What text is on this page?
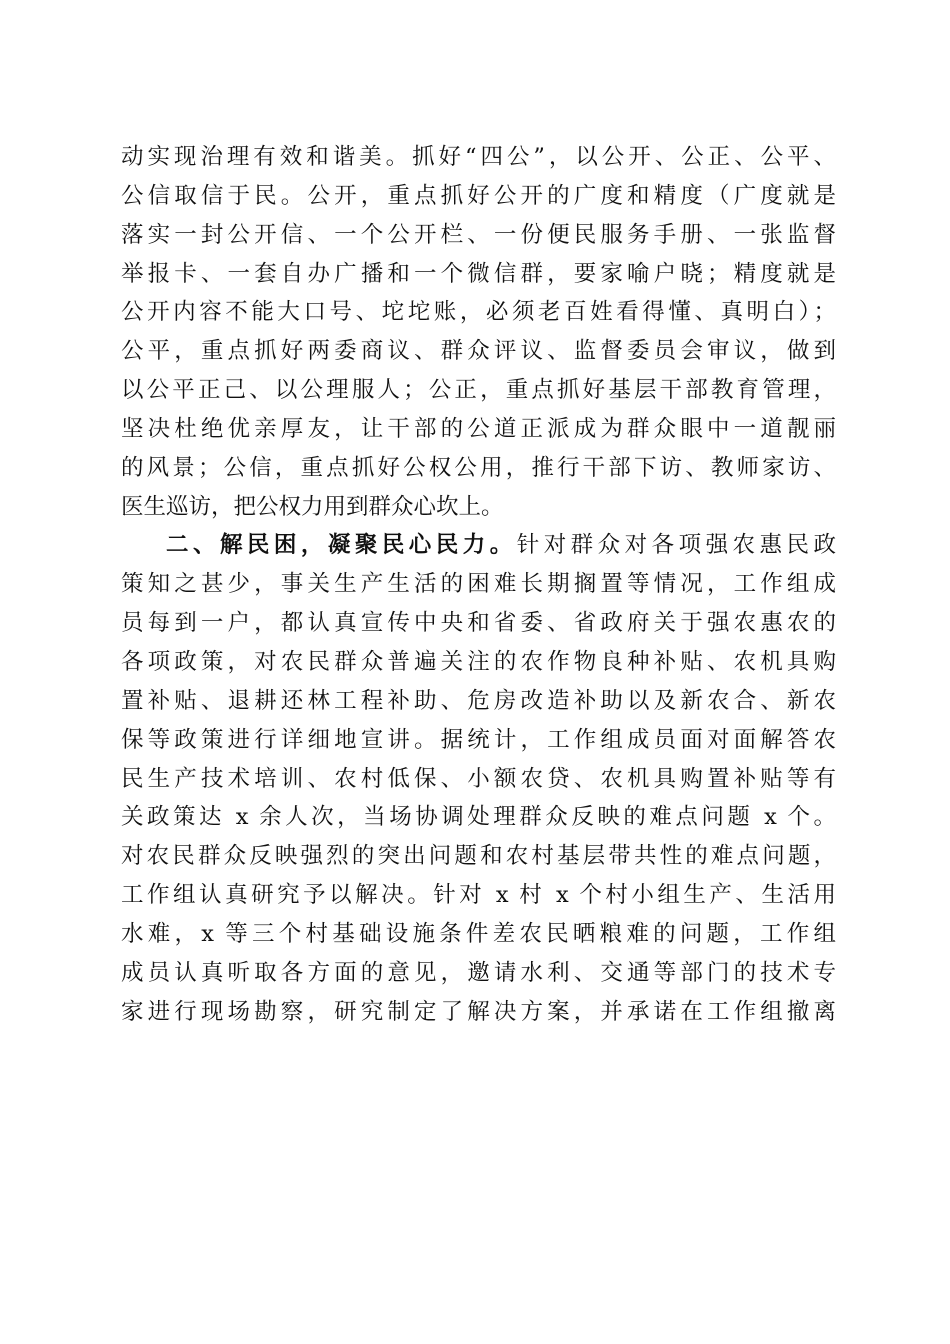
动实现治理有效和谐美。抓好“四公”，以公开、公正、公平、
公信取信于民。公开，重点抓好公开的广度和精度（广度就是
落实一封公开信、一个公开栏、一份便民服务手册、一张监督
举报卡、一套自办广播和一个微信群，要家喻户晓；精度就是
公开内容不能大口号、坨坨账，必须老百姓看得懂、真明白）；
公平，重点抓好两委商议、群众评议、监督委员会审议，做到
以公平正己、以公理服人；公正，重点抓好基层干部教育管理，
坚决杜绝优亲厚友，让干部的公道正派成为群众眼中一道靓丽
的风景；公信，重点抓好公权公用，推行干部下访、教师家访、
医生巡访，把公权力用到群众心坎上。
二、解民困，凝聚民心民力。针对群众对各项强农惠民政
策知之甚少，事关生产生活的困难长期搁置等情况，工作组成
员每到一户，都认真宣传中央和省委、省政府关于强农惠农的
各项政策，对农民群众普遍关注的农作物良种补贴、农机具购
置补贴、退耕还林工程补助、危房改造补助以及新农合、新农
保等政策进行详细地宣讲。据统计，工作组成员面对面解答农
民生产技术培训、农村低保、小额农贷、农机具购置补贴等有
关政策达 x 余人次，当场协调处理群众反映的难点问题 x 个。
对农民群众反映强烈的突出问题和农村基层带共性的难点问题，
工作组认真研究予以解决。针对 x 村 x 个村小组生产、生活用
水难，x 等三个村基础设施条件差农民晒粮难的问题，工作组
成员认真听取各方面的意见，邀请水利、交通等部门的技术专
家进行现场勘察，研究制定了解决方案，并承诺在工作组撤离
